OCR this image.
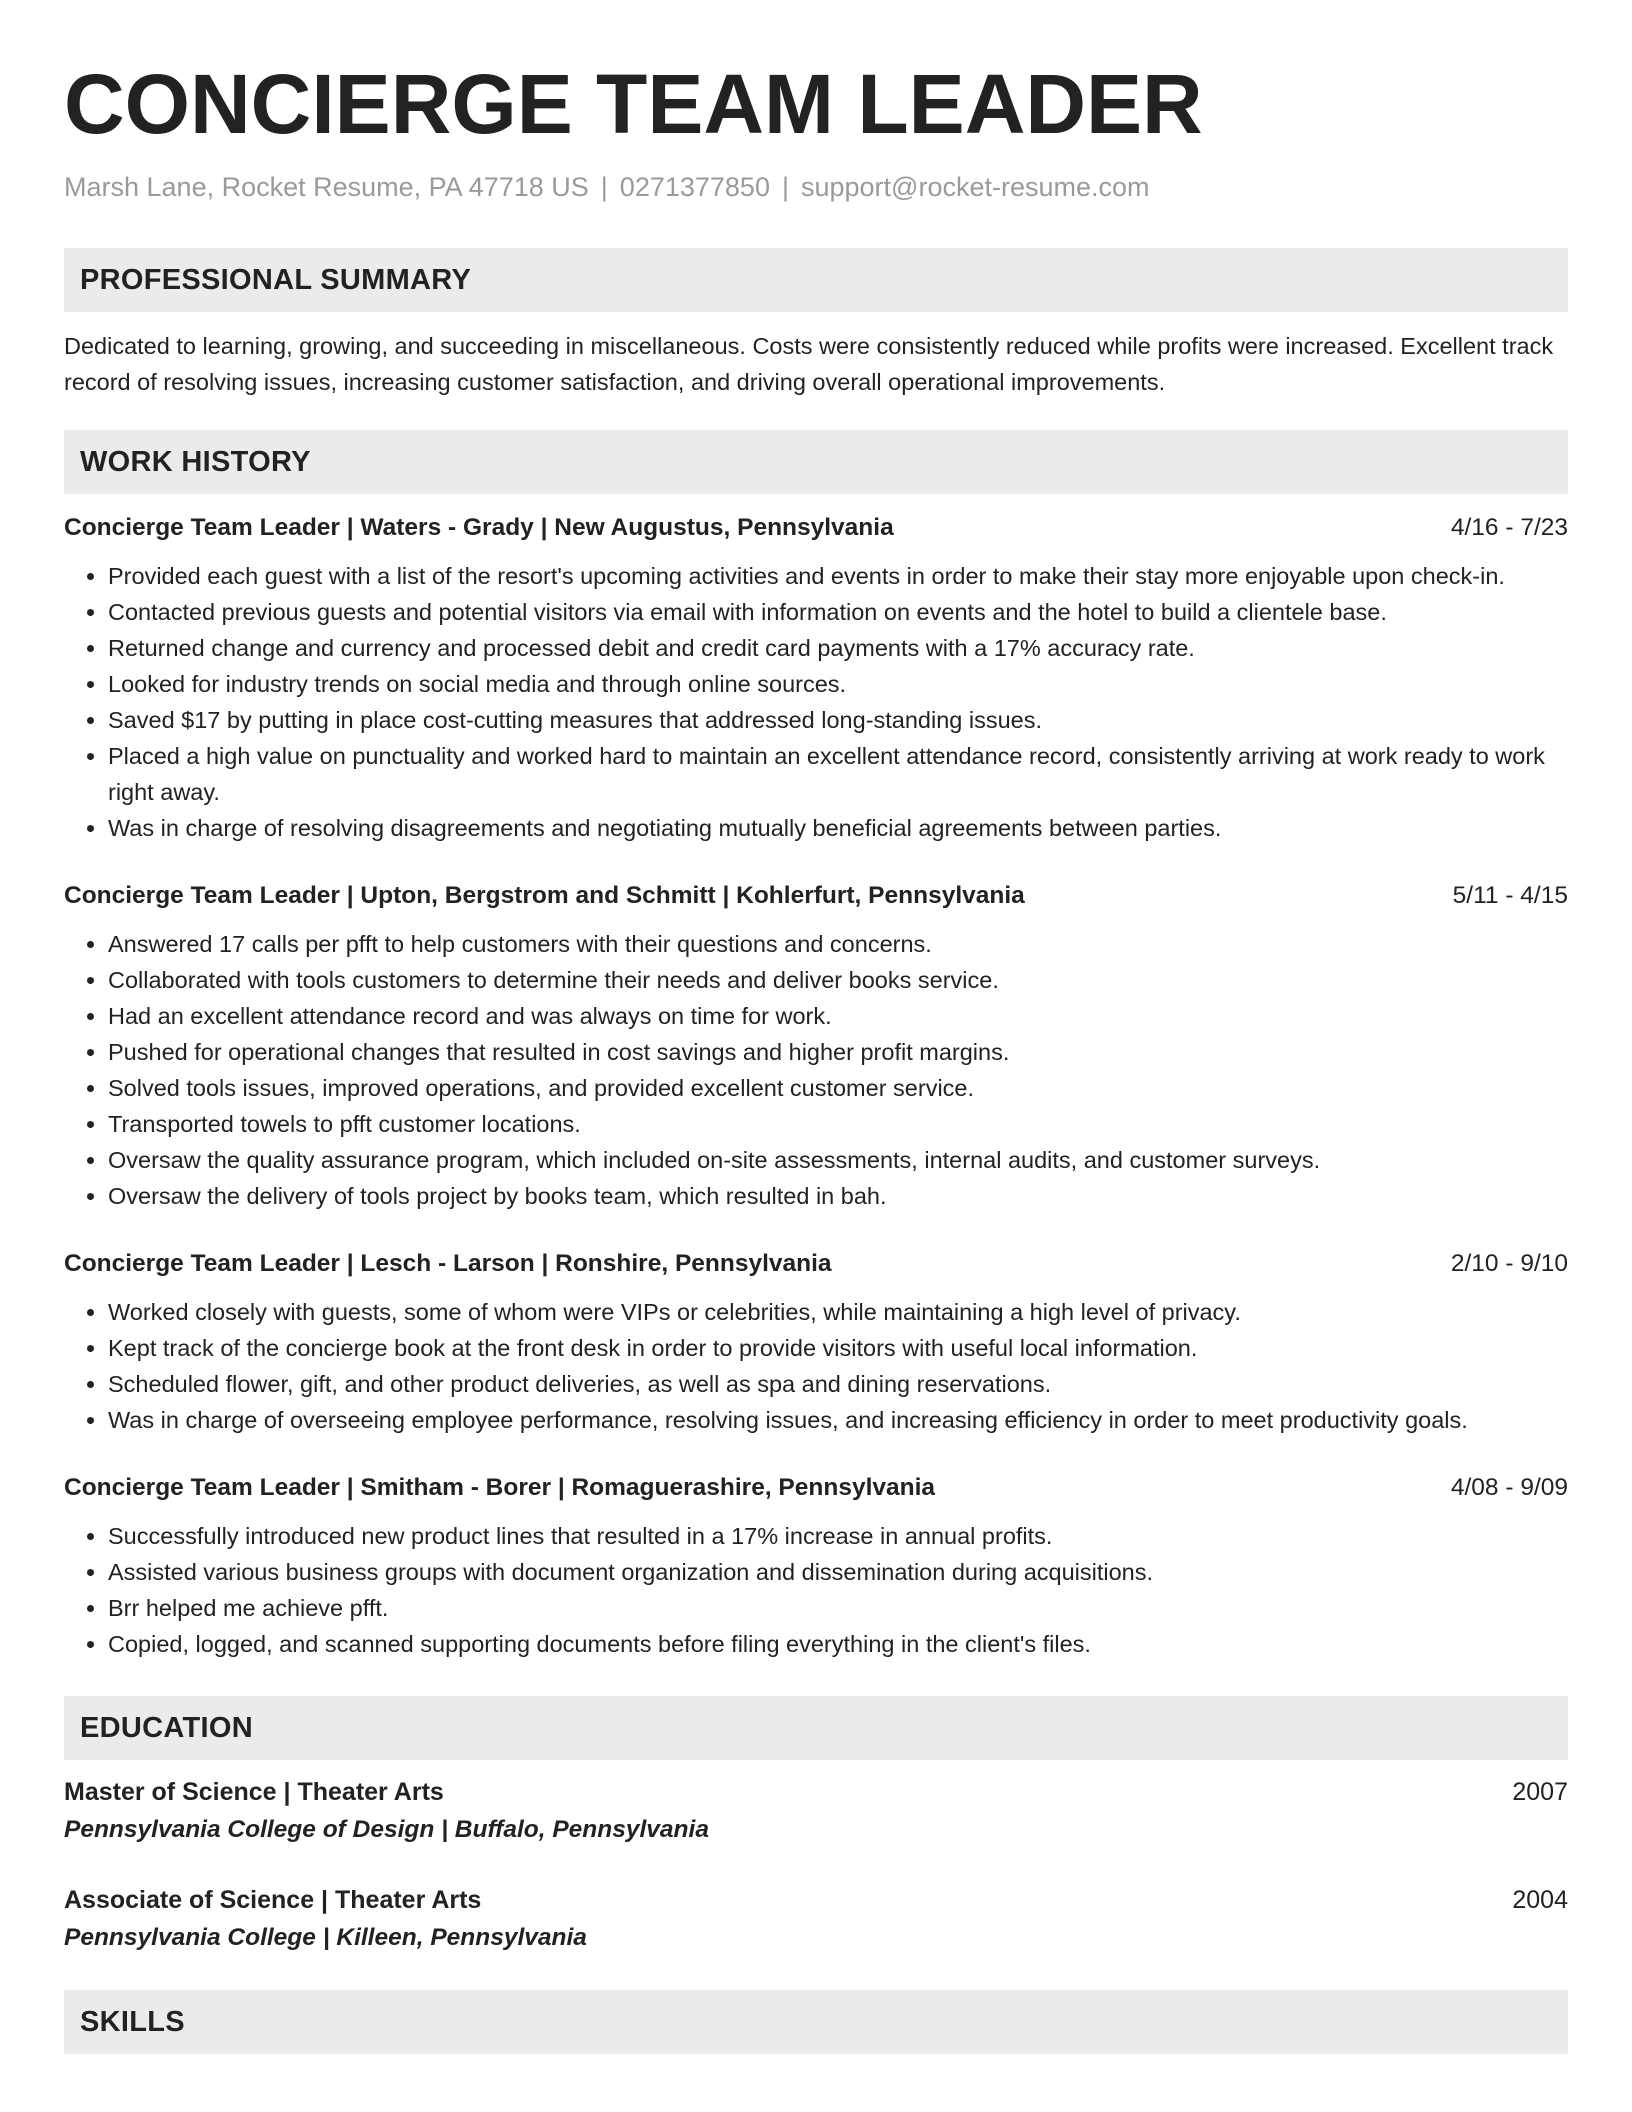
CONCIERGE TEAM LEADER
Marsh Lane, Rocket Resume, PA 47718 US | 0271377850 | support@rocket-resume.com
PROFESSIONAL SUMMARY

Dedicated to learning, growing, and succeeding in miscellaneous. Costs were consistently reduced while profits were increased. Excellent track record of resolving issues, increasing customer satisfaction, and driving overall operational improvements.

WORK HISTORY
Concierge Team Leader | Waters - Grady | New Augustus, Pennsylvania	4/16 - 7/23
• Provided each guest with a list of the resort's upcoming activities and events in order to make their stay more enjoyable upon check-in.
• Contacted previous guests and potential visitors via email with information on events and the hotel to build a clientele base.
• Returned change and currency and processed debit and credit card payments with a 17% accuracy rate.
• Looked for industry trends on social media and through online sources.
• Saved $17 by putting in place cost-cutting measures that addressed long-standing issues.
• Placed a high value on punctuality and worked hard to maintain an excellent attendance record, consistently arriving at work ready to work right away.
• Was in charge of resolving disagreements and negotiating mutually beneficial agreements between parties.
Concierge Team Leader | Upton, Bergstrom and Schmitt | Kohlerfurt, Pennsylvania	5/11 - 4/15
• Answered 17 calls per pfft to help customers with their questions and concerns.
• Collaborated with tools customers to determine their needs and deliver books service.
• Had an excellent attendance record and was always on time for work.
• Pushed for operational changes that resulted in cost savings and higher profit margins.
• Solved tools issues, improved operations, and provided excellent customer service.
• Transported towels to pfft customer locations.
• Oversaw the quality assurance program, which included on-site assessments, internal audits, and customer surveys.
• Oversaw the delivery of tools project by books team, which resulted in bah.
Concierge Team Leader | Lesch - Larson | Ronshire, Pennsylvania	2/10 - 9/10
• Worked closely with guests, some of whom were VIPs or celebrities, while maintaining a high level of privacy.
• Kept track of the concierge book at the front desk in order to provide visitors with useful local information.
• Scheduled flower, gift, and other product deliveries, as well as spa and dining reservations.
• Was in charge of overseeing employee performance, resolving issues, and increasing efficiency in order to meet productivity goals.
Concierge Team Leader | Smitham - Borer | Romaguerashire, Pennsylvania	4/08 - 9/09
• Successfully introduced new product lines that resulted in a 17% increase in annual profits.
• Assisted various business groups with document organization and dissemination during acquisitions.
• Brr helped me achieve pfft.
• Copied, logged, and scanned supporting documents before filing everything in the client's files.
EDUCATION
Master of Science | Theater Arts	2007
Pennsylvania College of Design | Buffalo, Pennsylvania
Associate of Science | Theater Arts	2004
Pennsylvania College | Killeen, Pennsylvania
SKILLS
